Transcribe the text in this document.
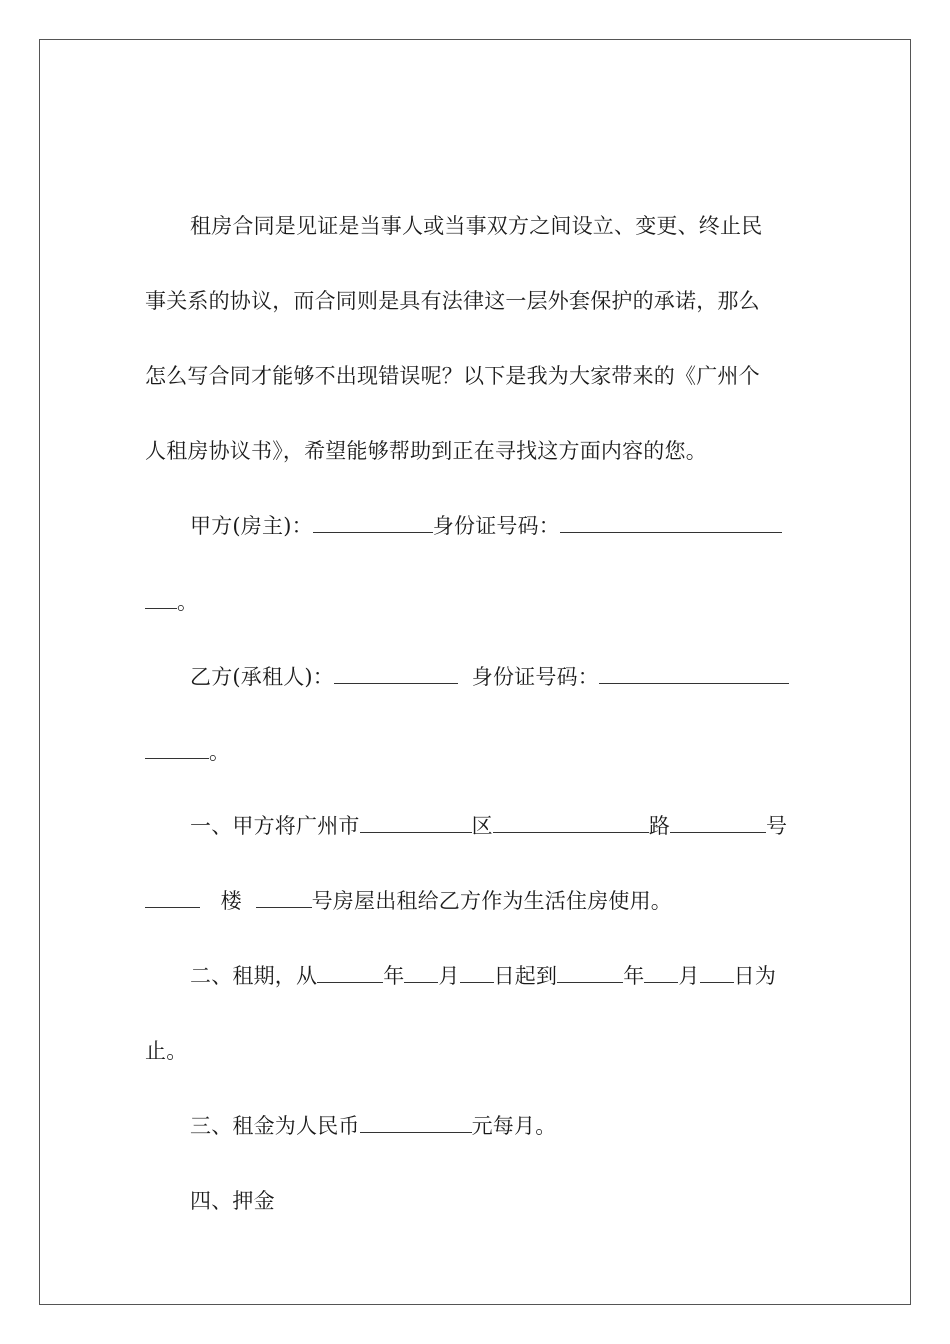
租房合同是见证是当事人或当事双方之间设立、变更、终止民
事关系的协议，而合同则是具有法律这一层外套保护的承诺，那么
怎么写合同才能够不出现错误呢？以下是我为大家带来的《广州个
人租房协议书》，希望能够帮助到正在寻找这方面内容的您。
甲方(房主)：	身份证号码：
。
乙方(承租人)：	身份证号码：
。
一、甲方将广州市	区	路	号
楼	号房屋出租给乙方作为生活住房使用。
二、租期，从	年 月 日起到	年 月 日为
止。
三、租金为人民币	元每月。
四、押金
